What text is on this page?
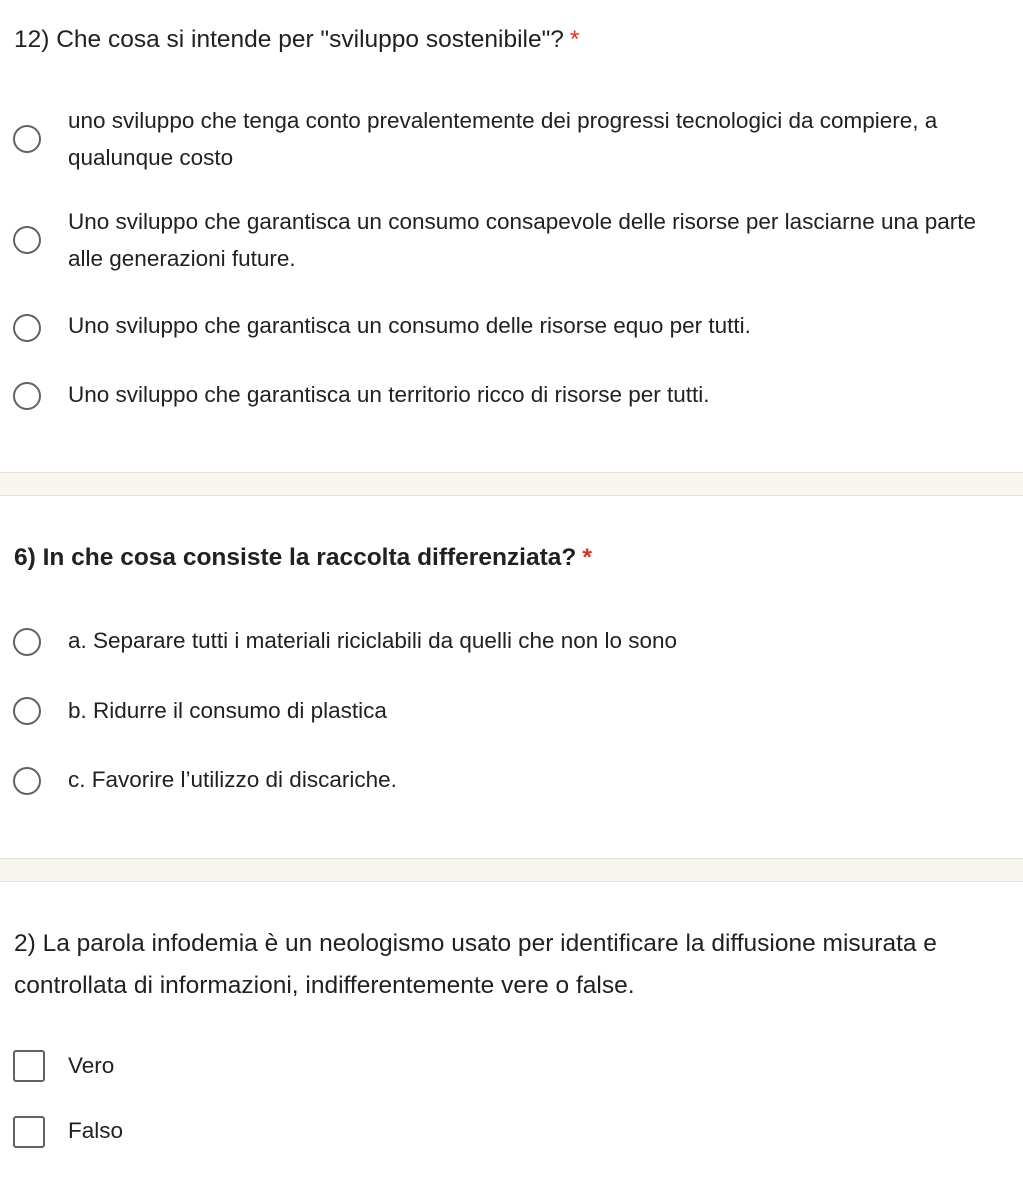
12) Che cosa si intende per "sviluppo sostenibile"? *
uno sviluppo che tenga conto prevalentemente dei progressi tecnologici da compiere, a qualunque costo
Uno sviluppo che garantisca un consumo consapevole delle risorse per lasciarne una parte alle generazioni future.
Uno sviluppo che garantisca un consumo delle risorse equo per tutti.
Uno sviluppo che garantisca un territorio ricco di risorse per tutti.
6) In che cosa consiste la raccolta differenziata? *
a. Separare tutti i materiali riciclabili da quelli che non lo sono
b. Ridurre il consumo di plastica
c. Favorire l’utilizzo di discariche.
2) La parola infodemia è un neologismo usato per identificare la diffusione misurata e controllata di informazioni, indifferentemente vere o false.
Vero
Falso
